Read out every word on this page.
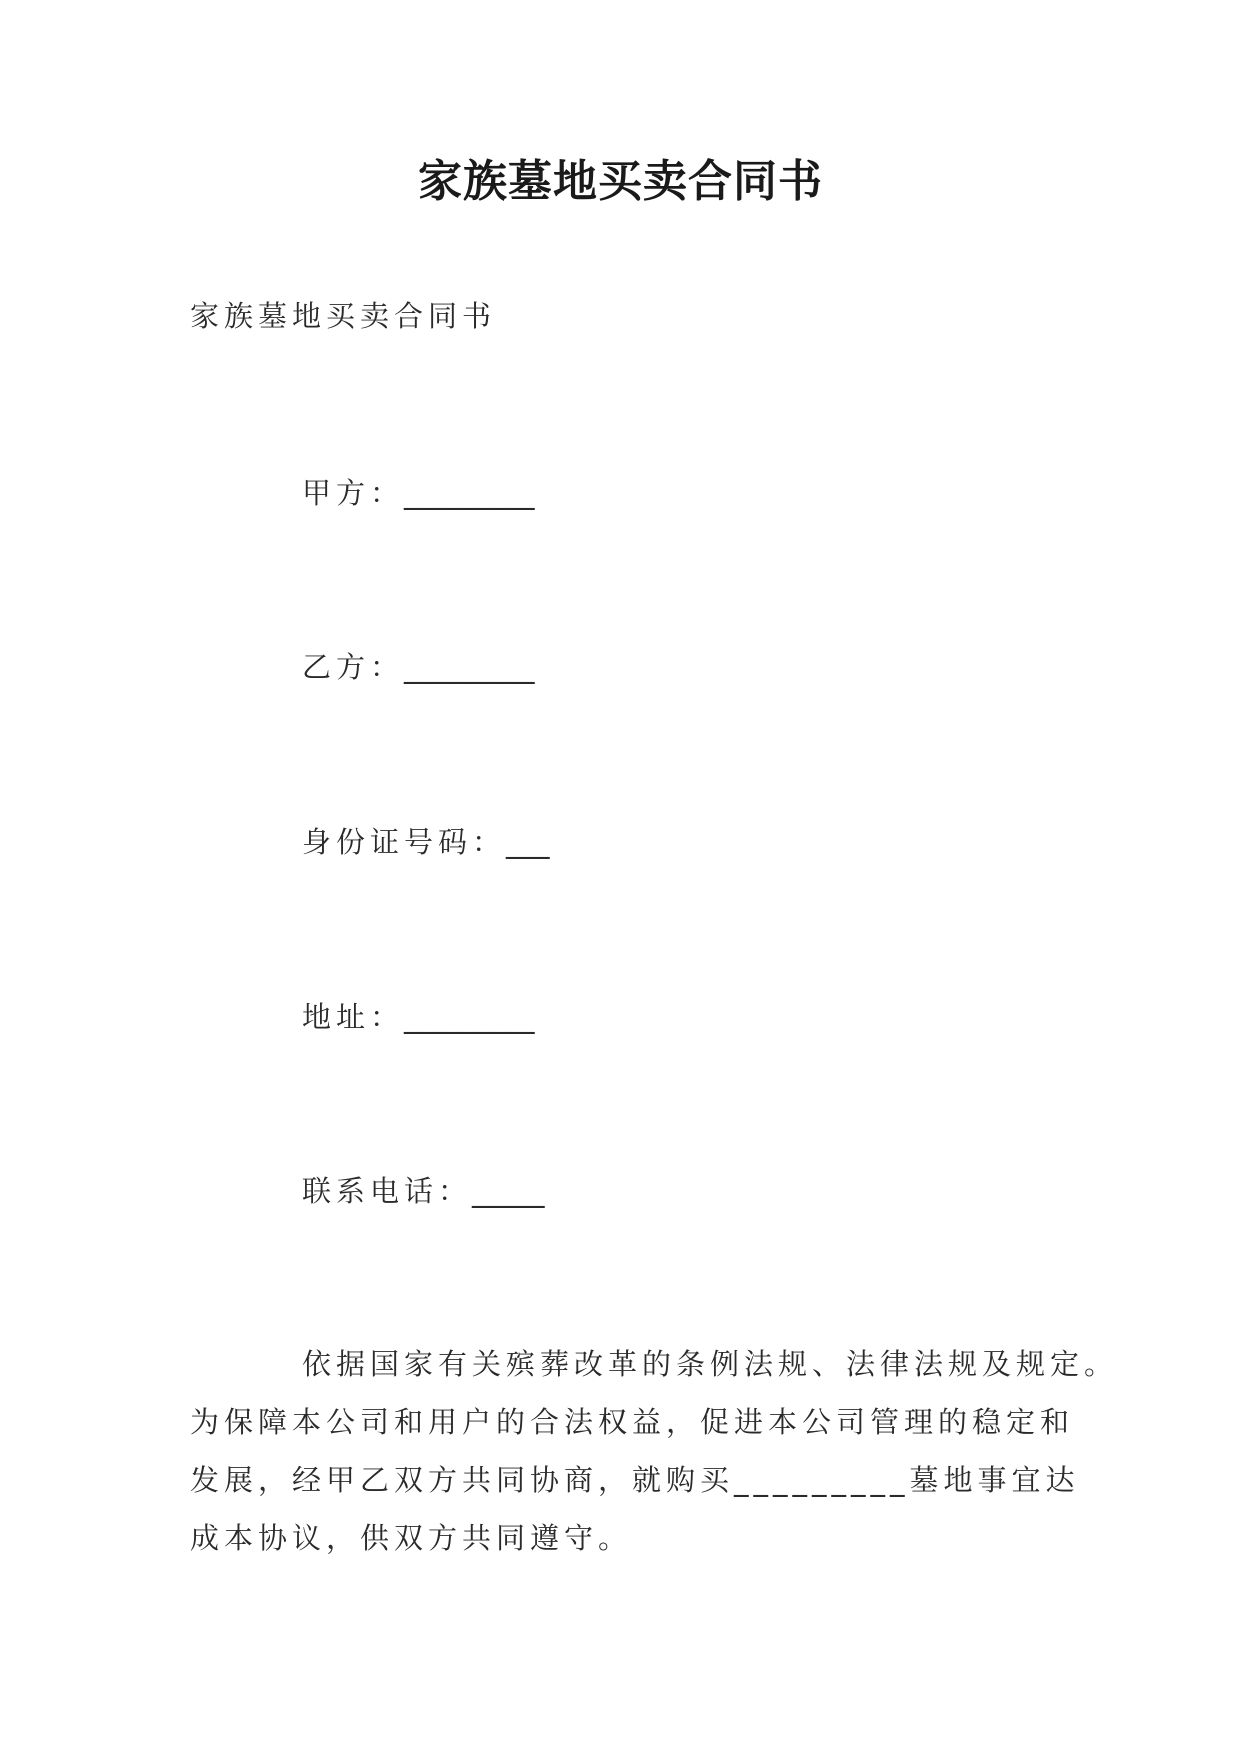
家族墓地买卖合同书
家族墓地买卖合同书
甲方：_________
乙方：_________
身份证号码：___
地址：_________
联系电话：_____
依据国家有关殡葬改革的条例法规、法律法规及规定。
为保障本公司和用户的合法权益，促进本公司管理的稳定和
发展，经甲乙双方共同协商，就购买_________墓地事宜达
成本协议，供双方共同遵守。
